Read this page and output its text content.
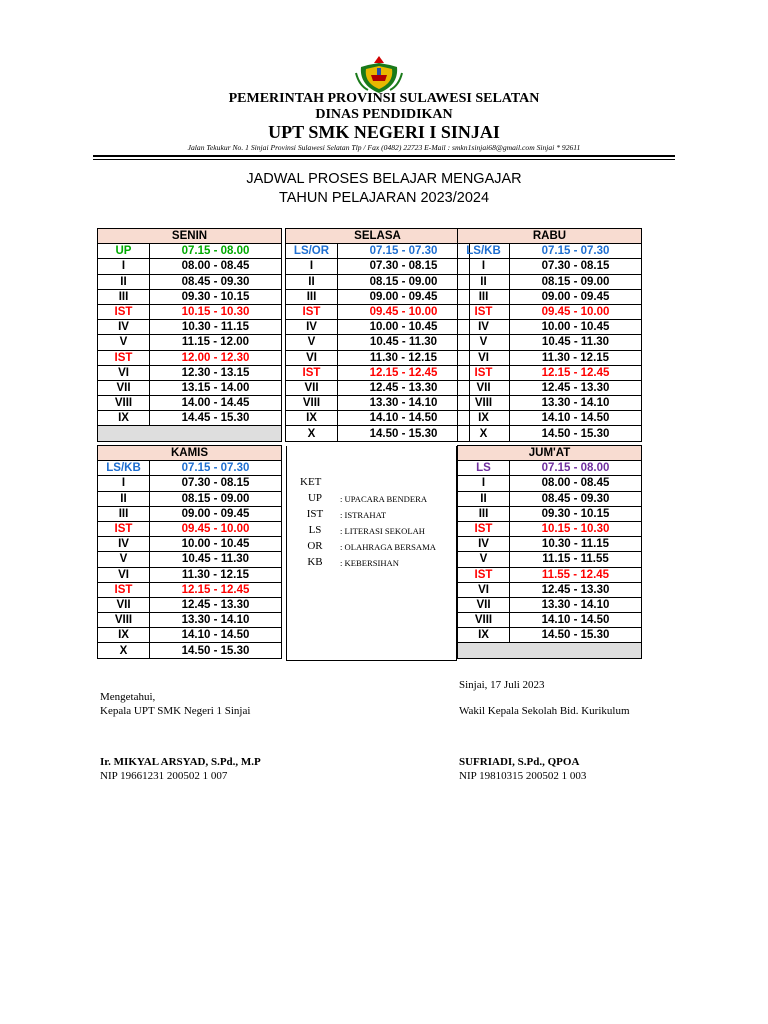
PEMERINTAH PROVINSI SULAWESI SELATAN
DINAS PENDIDIKAN
UPT SMK NEGERI I SINJAI
Jalan Tekukur No. 1 Sinjai Provinsi Sulawesi Selatan Tlp / Fax (0482) 22723 E-Mail : smkn1sinjai68@gmail.com Sinjai * 92611
JADWAL PROSES BELAJAR MENGAJAR
TAHUN PELAJARAN 2023/2024
SENIN	
UP	07.15 - 08.00
I	08.00 - 08.45
II	08.45 - 09.30
III	09.30 - 10.15
IST	10.15 - 10.30
IV	10.30 - 11.15
V	11.15 - 12.00
IST	12.00 - 12.30
VI	12.30 - 13.15
VII	13.15 - 14.00
VIII	14.00 - 14.45
IX	14.45 - 15.30

SELASA	
LS/OR	07.15 - 07.30
I	07.30 - 08.15
II	08.15 - 09.00
III	09.00 - 09.45
IST	09.45 - 10.00
IV	10.00 - 10.45
V	10.45 - 11.30
VI	11.30 - 12.15
IST	12.15 - 12.45
VII	12.45 - 13.30
VIII	13.30 - 14.10
IX	14.10 - 14.50
X	14.50 - 15.30
RABU	
LS/KB	07.15 - 07.30
I	07.30 - 08.15
II	08.15 - 09.00
III	09.00 - 09.45
IST	09.45 - 10.00
IV	10.00 - 10.45
V	10.45 - 11.30
VI	11.30 - 12.15
IST	12.15 - 12.45
VII	12.45 - 13.30
VIII	13.30 - 14.10
IX	14.10 - 14.50
X	14.50 - 15.30
KAMIS	
LS/KB	07.15 - 07.30
I	07.30 - 08.15
II	08.15 - 09.00
III	09.00 - 09.45
IST	09.45 - 10.00
IV	10.00 - 10.45
V	10.45 - 11.30
VI	11.30 - 12.15
IST	12.15 - 12.45
VII	12.45 - 13.30
VIII	13.30 - 14.10
IX	14.10 - 14.50
X	14.50 - 15.30
JUM'AT	
LS	07.15 - 08.00
I	08.00 - 08.45
II	08.45 - 09.30
III	09.30 - 10.15
IST	10.15 - 10.30
IV	10.30 - 11.15
V	11.15 - 11.55
IST	11.55 - 12.45
VI	12.45 - 13.30
VII	13.30 - 14.10
VIII	14.10 - 14.50
IX	14.50 - 15.30

KET
UP	: UPACARA BENDERA
IST	: ISTRAHAT
LS	: LITERASI SEKOLAH
OR	: OLAHRAGA BERSAMA
KB	: KEBERSIHAN
Sinjai, 17 Juli 2023
Mengetahui,
Kepala UPT SMK Negeri 1 Sinjai	Wakil Kepala Sekolah Bid. Kurikulum
Ir. MIKYAL ARSYAD, S.Pd., M.P	SUFRIADI, S.Pd., QPOA
NIP 19661231 200502 1 007	NIP 19810315 200502 1 003
